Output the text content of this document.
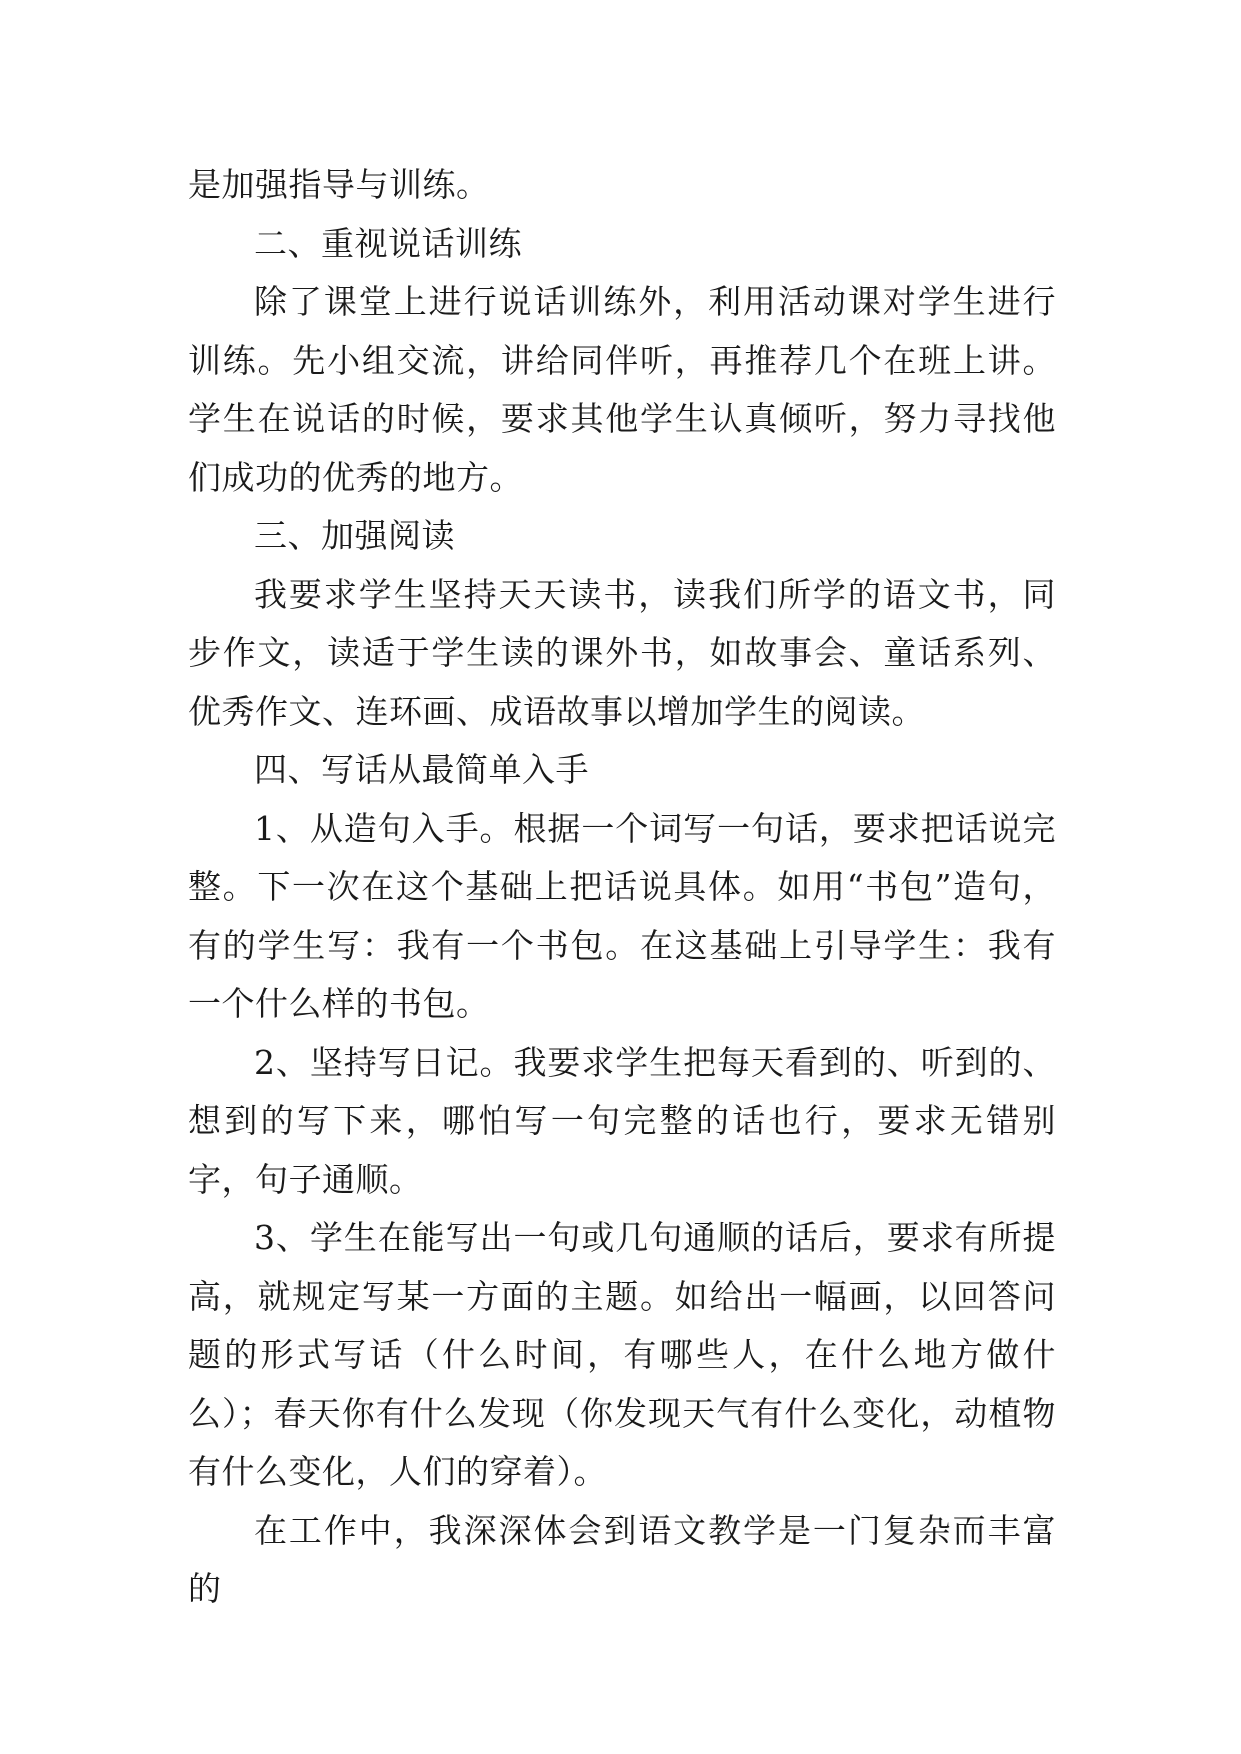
是加强指导与训练。

二、重视说话训练

除了课堂上进行说话训练外，利用活动课对学生进行训练。先小组交流，讲给同伴听，再推荐几个在班上讲。学生在说话的时候，要求其他学生认真倾听，努力寻找他们成功的优秀的地方。

三、加强阅读

我要求学生坚持天天读书，读我们所学的语文书，同步作文，读适于学生读的课外书，如故事会、童话系列、优秀作文、连环画、成语故事以增加学生的阅读。

四、写话从最简单入手

1、从造句入手。根据一个词写一句话，要求把话说完整。下一次在这个基础上把话说具体。如用“书包”造句，有的学生写：我有一个书包。在这基础上引导学生：我有一个什么样的书包。

2、坚持写日记。我要求学生把每天看到的、听到的、想到的写下来，哪怕写一句完整的话也行，要求无错别字，句子通顺。

3、学生在能写出一句或几句通顺的话后，要求有所提高，就规定写某一方面的主题。如给出一幅画，以回答问题的形式写话（什么时间，有哪些人，在什么地方做什么）；春天你有什么发现（你发现天气有什么变化，动植物有什么变化，人们的穿着）。

在工作中，我深深体会到语文教学是一门复杂而丰富的
